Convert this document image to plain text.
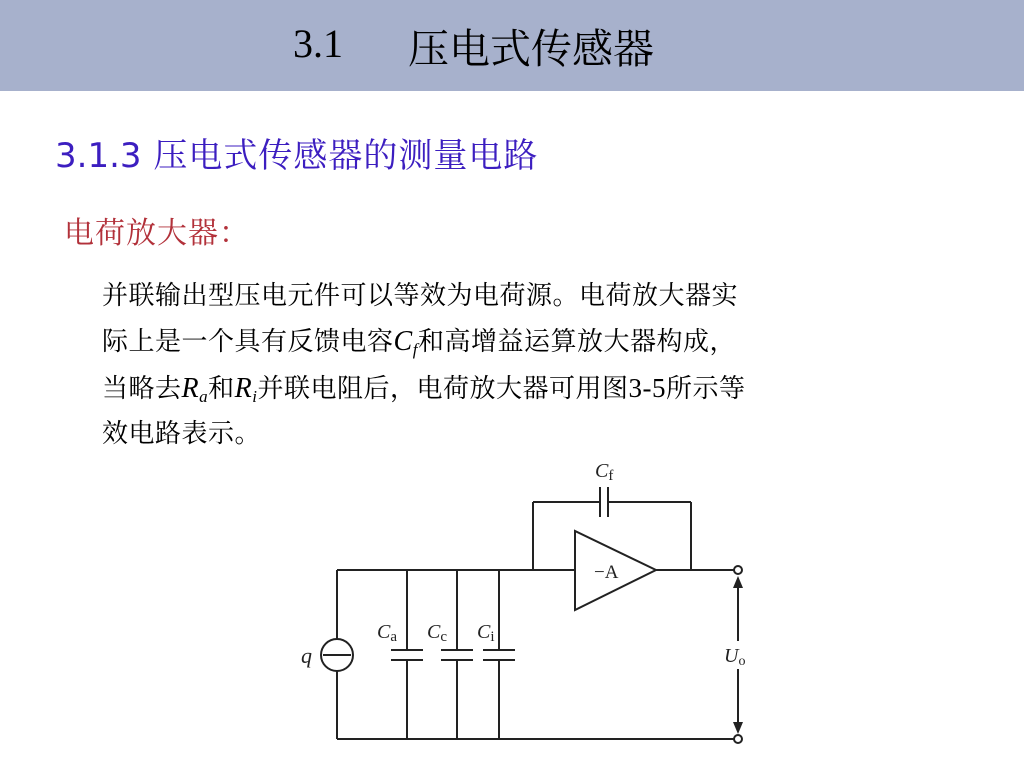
3.1 压电式传感器
3.1.3 压电式传感器的测量电路
电荷放大器：
并联输出型压电元件可以等效为电荷源。电荷放大器实
际上是一个具有反馈电容$C_f$和高增益运算放大器构成，
当略去$R_a$和$R_i$并联电阻后，电荷放大器可用图3-5所示等
效电路表示。
q
−A
Ca Cc Ci
Cf
Uo
